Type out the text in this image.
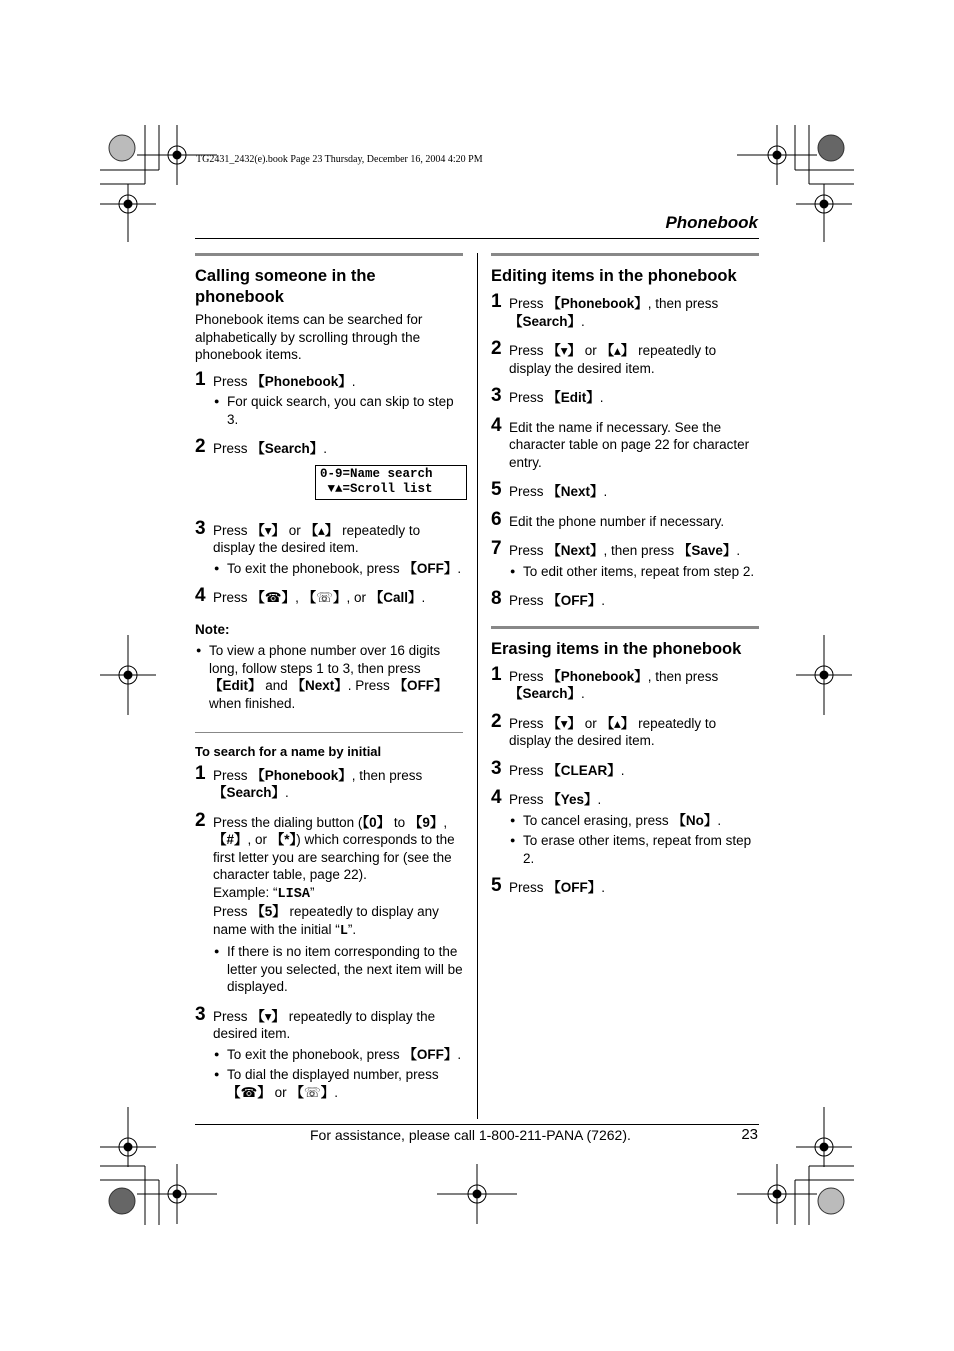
TG2431_2432(e).book Page 23 Thursday, December 16, 2004 4:20 PM
Phonebook
Calling someone in the phonebook

Phonebook items can be searched for alphabetically by scrolling through the phonebook items.

1 Press 【Phonebook】.
● For quick search, you can skip to step 3.
2 Press 【Search】.
0-9=Name search
▼▲=Scroll list
3 Press 【▾】 or 【▴】 repeatedly to display the desired item.
● To exit the phonebook, press 【OFF】.
4 Press 【☎】, 【☏】, or 【Call】.

Note:

● To view a phone number over 16 digits long, follow steps 1 to 3, then press 【Edit】 and 【Next】. Press 【OFF】 when finished.
To search for a name by initial
1 Press 【Phonebook】, then press 【Search】.
2 Press the dialing button (【0】 to 【9】, 【#】, or 【*】) which corresponds to the first letter you are searching for (see the character table, page 22).
Example: “LISA”
Press 【5】 repeatedly to display any name with the initial “L”.
● If there is no item corresponding to the letter you selected, the next item will be displayed.
3 Press 【▾】 repeatedly to display the desired item.
● To exit the phonebook, press 【OFF】.
● To dial the displayed number, press 【☎】 or 【☏】.
Editing items in the phonebook
1 Press 【Phonebook】, then press 【Search】.
2 Press 【▾】 or 【▴】 repeatedly to display the desired item.
3 Press 【Edit】.
4 Edit the name if necessary. See the character table on page 22 for character entry.
5 Press 【Next】.
6 Edit the phone number if necessary.
7 Press 【Next】, then press 【Save】.
● To edit other items, repeat from step 2.
8 Press 【OFF】.
Erasing items in the phonebook
1 Press 【Phonebook】, then press 【Search】.
2 Press 【▾】 or 【▴】 repeatedly to display the desired item.
3 Press 【CLEAR】.
4 Press 【Yes】.
● To cancel erasing, press 【No】.
● To erase other items, repeat from step 2.
5 Press 【OFF】.
For assistance, please call 1-800-211-PANA (7262).	23
